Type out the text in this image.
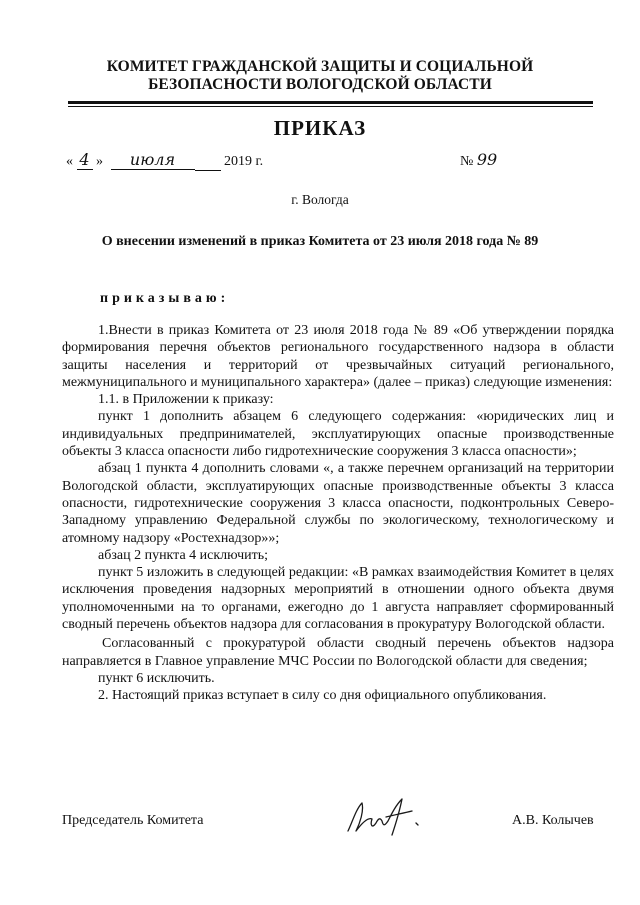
КОМИТЕТ ГРАЖДАНСКОЙ ЗАЩИТЫ И СОЦИАЛЬНОЙ
БЕЗОПАСНОСТИ ВОЛОГОДСКОЙ ОБЛАСТИ
ПРИКАЗ
« 4 » июля	2019 г.	№ 99
г. Вологда
О внесении изменений в приказ Комитета от 23 июля 2018 года № 89
приказываю:

1.Внести в приказ Комитета от 23 июля 2018 года № 89 «Об утверждении порядка формирования перечня объектов регионального государственного надзора в области защиты населения и территорий от чрезвычайных ситуаций регионального, межмуниципального и муниципального характера» (далее – приказ) следующие изменения:

1.1. в Приложении к приказу:

пункт 1 дополнить абзацем 6 следующего содержания: «юридических лиц и индивидуальных предпринимателей, эксплуатирующих опасные производственные объекты 3 класса опасности либо гидротехнические сооружения 3 класса опасности»;

абзац 1 пункта 4 дополнить словами «, а также перечнем организаций на территории Вологодской области, эксплуатирующих опасные производственные объекты 3 класса опасности, гидротехнические сооружения 3 класса опасности, подконтрольных Северо-Западному управлению Федеральной службы по экологическому, технологическому и атомному надзору «Ростехнадзор»»;

абзац 2 пункта 4 исключить;

пункт 5 изложить в следующей редакции: «В рамках взаимодействия Комитет в целях исключения проведения надзорных мероприятий в отношении одного объекта двумя уполномоченными на то органами, ежегодно до 1 августа направляет сформированный сводный перечень объектов надзора для согласования в прокуратуру Вологодской области.

Согласованный с прокуратурой области сводный перечень объектов надзора направляется в Главное управление МЧС России по Вологодской области для сведения;

пункт 6 исключить.

2. Настоящий приказ вступает в силу со дня официального опубликования.

Председатель Комитета	А.В. Колычев
